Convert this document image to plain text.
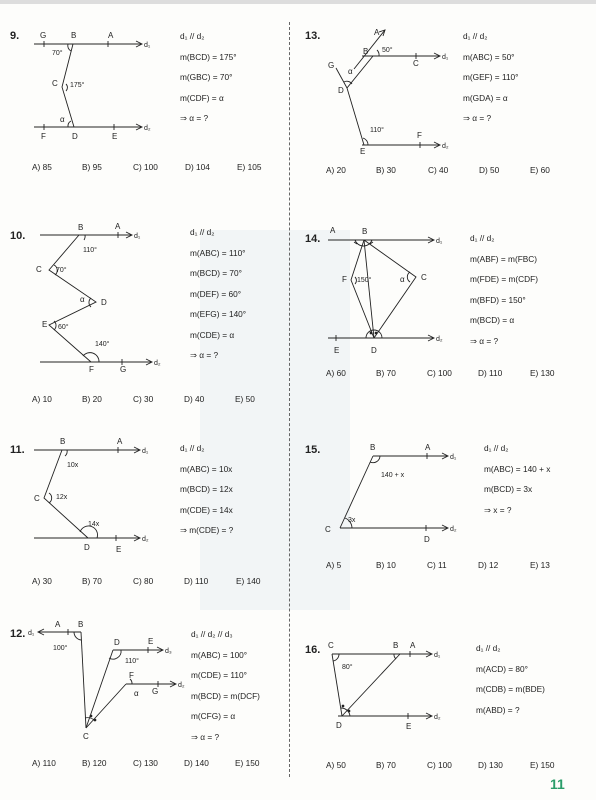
9.	G	B	A
d₁
70°
C 175°
α
F	D	E
d₂
d₁ // d₂
m(BCD) = 175°
m(GBC) = 70°
m(CDF) = α
⇒ α = ?
A) 85	B) 95	C) 100	D) 104	E) 105
13.	A
50°
B
C
d₁
G
α
D
110°
F
E
d₂
d₁ // d₂
m(ABC) = 50°
m(GEF) = 110°
m(GDA) = α
⇒ α = ?
A) 20	B) 30	C) 40	D) 50	E) 60
10.
B	A
d₁
110°
C 70°
α D
E 60°
140°
F	G
d₂
d₁ // d₂
m(ABC) = 110°
m(BCD) = 70°
m(DEF) = 60°
m(EFG) = 140°
m(CDE) = α
⇒ α = ?
A) 10	B) 20	C) 30	D) 40	E) 50
14.
A	B
d₁
F 150°	α C
E	D
d₂
d₁ // d₂
m(ABF) = m(FBC)
m(FDE) = m(CDF)
m(BFD) = 150°
m(BCD) = α
⇒ α = ?
A) 60	B) 70	C) 100	D) 110	E) 130
11.
B	A
d₁
10x
C 12x
14x
D	E
d₂
d₁ // d₂
m(ABC) = 10x
m(BCD) = 12x
m(CDE) = 14x
⇒ m(CDE) = ?
A) 30	B) 70	C) 80	D) 110	E) 140
15.	B	A
d₁
140 + x
3x
C
D
d₂
d₁ // d₂
m(ABC) = 140 + x
m(BCD) = 3x
⇒ x = ?
A) 5	B) 10	C) 11	D) 12	E) 13
12. d₁
A B
100°
D	E
d₃
110°
F
G
d₂
α
C
d₁ // d₂ // d₃
m(ABC) = 100°
m(CDE) = 110°
m(BCD) = m(DCF)
m(CFG) = α
⇒ α = ?
A) 110	B) 120	C) 130	D) 140	E) 150
16. C	B A
d₁
80°
D	E
d₂
d₁ // d₂
m(ACD) = 80°
m(CDB) = m(BDE)
m(ABD) = ?
A) 50	B) 70	C) 100	D) 130	E) 150
11
